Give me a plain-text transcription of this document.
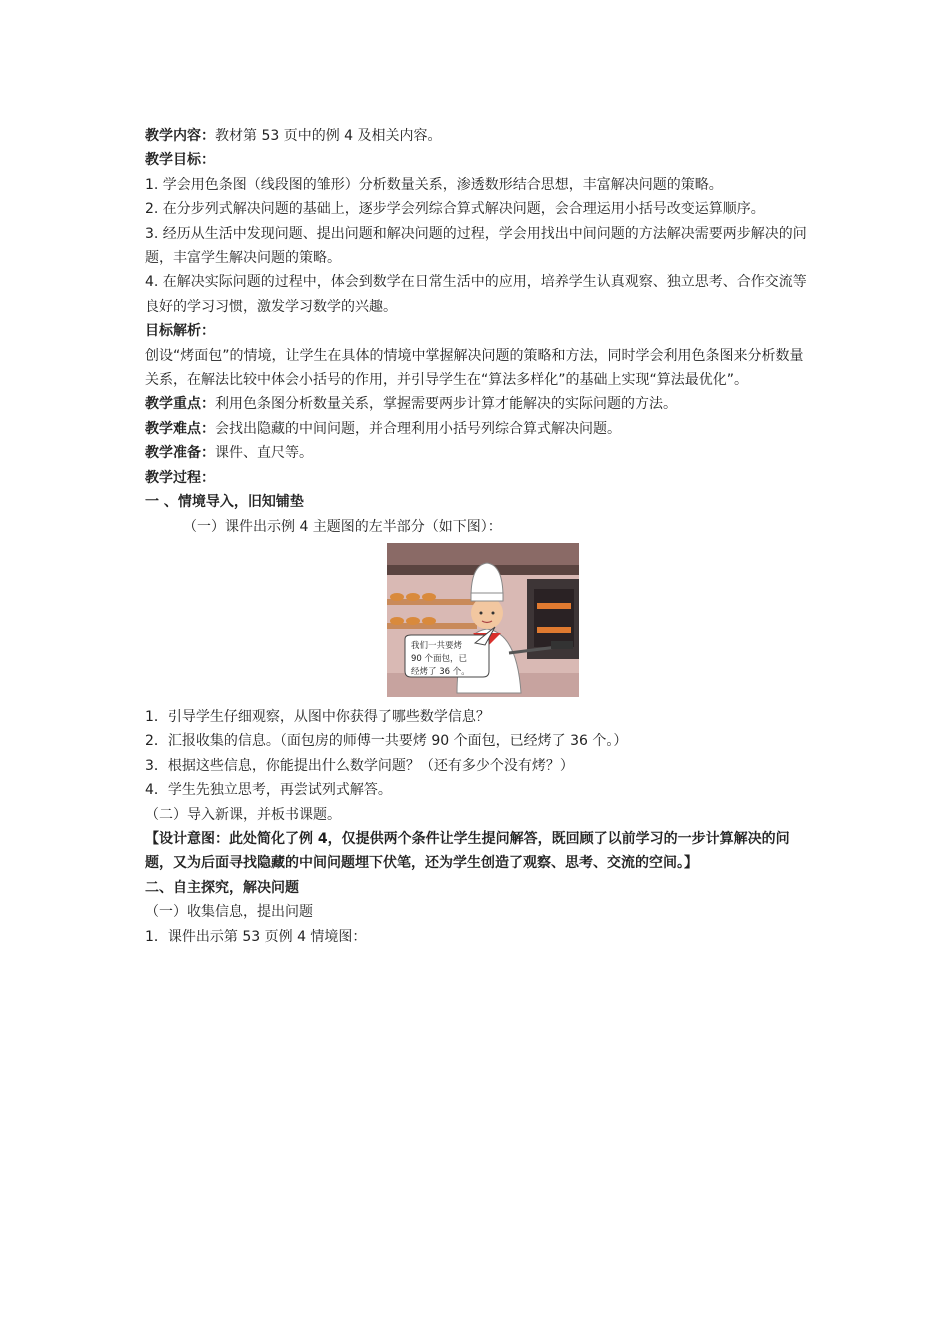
教学内容：教材第 53 页中的例 4 及相关内容。
教学目标：
1. 学会用色条图（线段图的雏形）分析数量关系，渗透数形结合思想，丰富解决问题的策略。
2. 在分步列式解决问题的基础上，逐步学会列综合算式解决问题，会合理运用小括号改变运算顺序。
3. 经历从生活中发现问题、提出问题和解决问题的过程，学会用找出中间问题的方法解决需要两步解决的问题，丰富学生解决问题的策略。
4. 在解决实际问题的过程中，体会到数学在日常生活中的应用，培养学生认真观察、独立思考、合作交流等良好的学习习惯，激发学习数学的兴趣。
目标解析：
创设“烤面包”的情境，让学生在具体的情境中掌握解决问题的策略和方法，同时学会利用色条图来分析数量关系，在解法比较中体会小括号的作用，并引导学生在“算法多样化”的基础上实现“算法最优化”。
教学重点：利用色条图分析数量关系，掌握需要两步计算才能解决的实际问题的方法。
教学难点：会找出隐藏的中间问题，并合理利用小括号列综合算式解决问题。
教学准备：课件、直尺等。
教学过程：
一 、情境导入，旧知铺垫
（一）课件出示例 4 主题图的左半部分（如下图）：
我们一共要烤
90 个面包，已
经烤了 36 个。
1．引导学生仔细观察，从图中你获得了哪些数学信息？
2．汇报收集的信息。（面包房的师傅一共要烤 90 个面包，已经烤了 36 个。）
3．根据这些信息，你能提出什么数学问题？（还有多少个没有烤？）
4．学生先独立思考，再尝试列式解答。
（二）导入新课，并板书课题。
【设计意图：此处简化了例 4，仅提供两个条件让学生提问解答，既回顾了以前学习的一步计算解决的问题，又为后面寻找隐藏的中间问题埋下伏笔，还为学生创造了观察、思考、交流的空间。】
二、自主探究，解决问题
（一）收集信息，提出问题
1．课件出示第 53 页例 4 情境图：
